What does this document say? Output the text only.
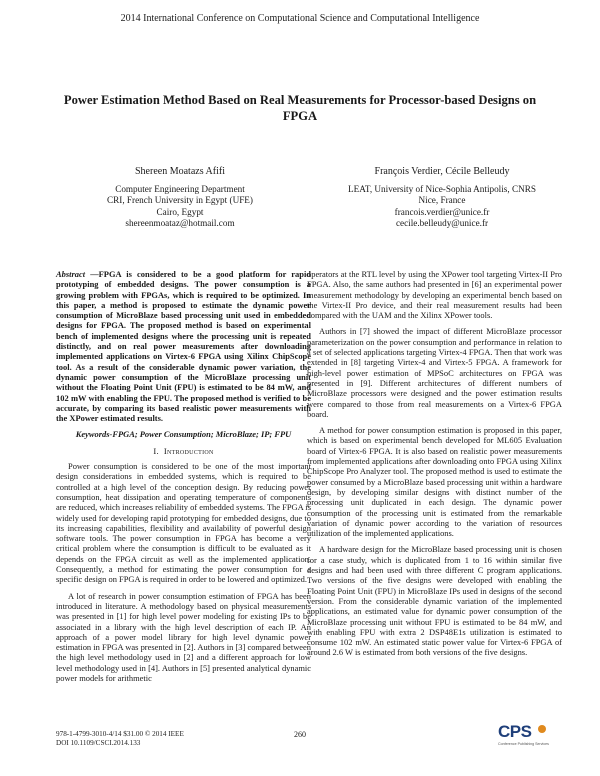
2014 International Conference on Computational Science and Computational Intelligence
Power Estimation Method Based on Real Measurements for Processor-based Designs on FPGA
Shereen Moatazs Afifi
Computer Engineering Department
CRI, French University in Egypt (UFE)
Cairo, Egypt
shereenmoataz@hotmail.com
François Verdier, Cécile Belleudy
LEAT, University of Nice-Sophia Antipolis, CNRS
Nice, France
francois.verdier@unice.fr
cecile.belleudy@unice.fr

Abstract —FPGA is considered to be a good platform for rapid prototyping of embedded designs. The power consumption is a growing problem with FPGAs, which is required to be optimized. In this paper, a method is proposed to estimate the dynamic power consumption of MicroBlaze based processing unit used in embedded designs for FPGA. The proposed method is based on experimental bench of implemented designs where the processing unit is repeated distinctly, and on real power measurements after downloading implemented applications on Virtex-6 FPGA using Xilinx ChipScope tool. As a result of the considerable dynamic power variation, the dynamic power consumption of the MicroBlaze processing unit without the Floating Point Unit (FPU) is estimated to be 84 mW, and 102 mW with enabling the FPU. The proposed method is verified to be accurate, by comparing its based realistic power measurements with the XPower estimated results.

Keywords-FPGA; Power Consumption; MicroBlaze; IP; FPU

I. Introduction

Power consumption is considered to be one of the most important design considerations in embedded systems, which is required to be controlled at a high level of the conception design. By reducing power consumption, heat dissipation and operating temperature of components are reduced, which increases reliability of embedded systems. The FPGA is widely used for developing rapid prototyping for embedded designs, due to its increasing capabilities, flexibility and availability of powerful design software tools. The power consumption in FPGA has become a very critical problem where the consumption is difficult to be evaluated as it depends on the FPGA circuit as well as the implemented application. Consequently, a method for estimating the power consumption for a specific design on FPGA is required in order to be lowered and optimized.

A lot of research in power consumption estimation of FPGA has been introduced in literature. A methodology based on physical measurements was presented in [1] for high level power modeling for existing IPs to be associated in a library with the high level description of each IP. An approach of a power model library for high level dynamic power estimation in FPGA was presented in [2]. Authors in [3] compared between the high level methodology used in [2] and a different approach for low level methodology used in [4]. Authors in [5] presented analytical dynamic power models for arithmetic

operators at the RTL level by using the XPower tool targeting Virtex-II Pro FPGA. Also, the same authors had presented in [6] an experimental power measurement methodology by developing an experimental bench based on the Virtex-II Pro device, and their real measurement results had been compared with the UAM and the Xilinx XPower tools.

Authors in [7] showed the impact of different MicroBlaze processor parameterization on the power consumption and performance in relation to a set of selected applications targeting Virtex-4 FPGA. Then that work was extended in [8] targeting Virtex-4 and Virtex-5 FPGA. A framework for high-level power estimation of MPSoC architectures on FPGA was presented in [9]. Different architectures of different numbers of MicroBlaze processors were designed and the power estimation results were compared to those from real measurements on a Virtex-6 FPGA board.

A method for power consumption estimation is proposed in this paper, which is based on experimental bench developed for ML605 Evaluation board of Virtex-6 FPGA. It is also based on realistic power measurements from implemented applications after downloading onto FPGA using Xilinx ChipScope Pro Analyzer tool. The proposed method is used to estimate the power consumed by a MicroBlaze based processing unit within a hardware design, by developing similar designs with distinct number of the processing unit duplicated in each design. The dynamic power consumption of the processing unit is estimated from the remarkable variation of dynamic power according to the variation of resources utilization of the implemented applications.

A hardware design for the MicroBlaze based processing unit is chosen for a case study, which is duplicated from 1 to 16 within similar five designs and had been used with three different C program applications. Two versions of the five designs were developed with enabling the Floating Point Unit (FPU) in MicroBlaze IPs used in designs of the second version. From the considerable dynamic variation of the implemented applications, an estimated value for dynamic power consumption of the MicroBlaze processing unit without FPU is estimated to be 84 mW, and with enabling FPU with extra 2 DSP48E1s utilization is estimated to consume 102 mW. An estimated static power value for Virtex-6 FPGA of around 2.6 W is estimated from both versions of the five designs.

978-1-4799-3010-4/14 $31.00 © 2014 IEEE
DOI 10.1109/CSCI.2014.133
260	CPS
Conference Publishing Services
